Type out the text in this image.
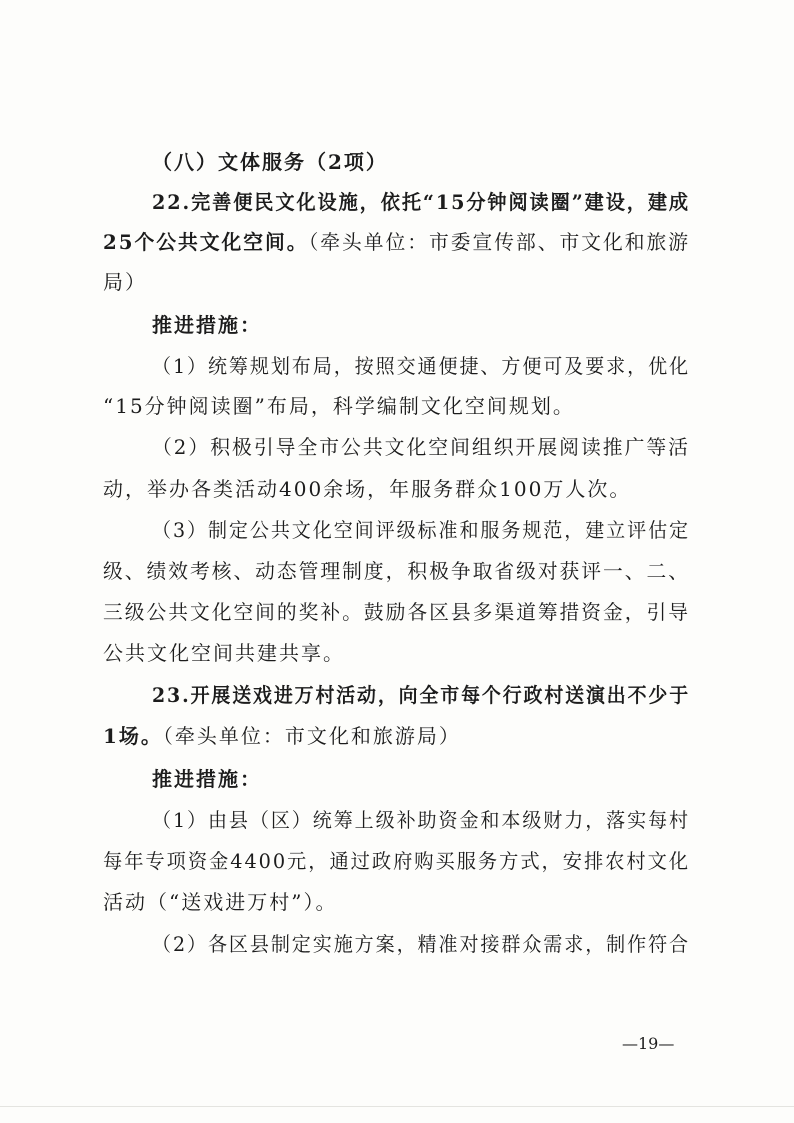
（八）文体服务（2项）
22.完善便民文化设施，依托“15分钟阅读圈”建设，建成
25个公共文化空间。（牵头单位：市委宣传部、市文化和旅游
局）
推进措施：
（1）统筹规划布局，按照交通便捷、方便可及要求，优化
“15分钟阅读圈”布局，科学编制文化空间规划。
（2）积极引导全市公共文化空间组织开展阅读推广等活
动，举办各类活动400余场，年服务群众100万人次。
（3）制定公共文化空间评级标准和服务规范，建立评估定
级、绩效考核、动态管理制度，积极争取省级对获评一、二、
三级公共文化空间的奖补。鼓励各区县多渠道筹措资金，引导
公共文化空间共建共享。
23.开展送戏进万村活动，向全市每个行政村送演出不少于
1场。（牵头单位：市文化和旅游局）
推进措施：
（1）由县（区）统筹上级补助资金和本级财力，落实每村
每年专项资金4400元，通过政府购买服务方式，安排农村文化
活动（“送戏进万村”）。
（2）各区县制定实施方案，精准对接群众需求，制作符合
—19—
